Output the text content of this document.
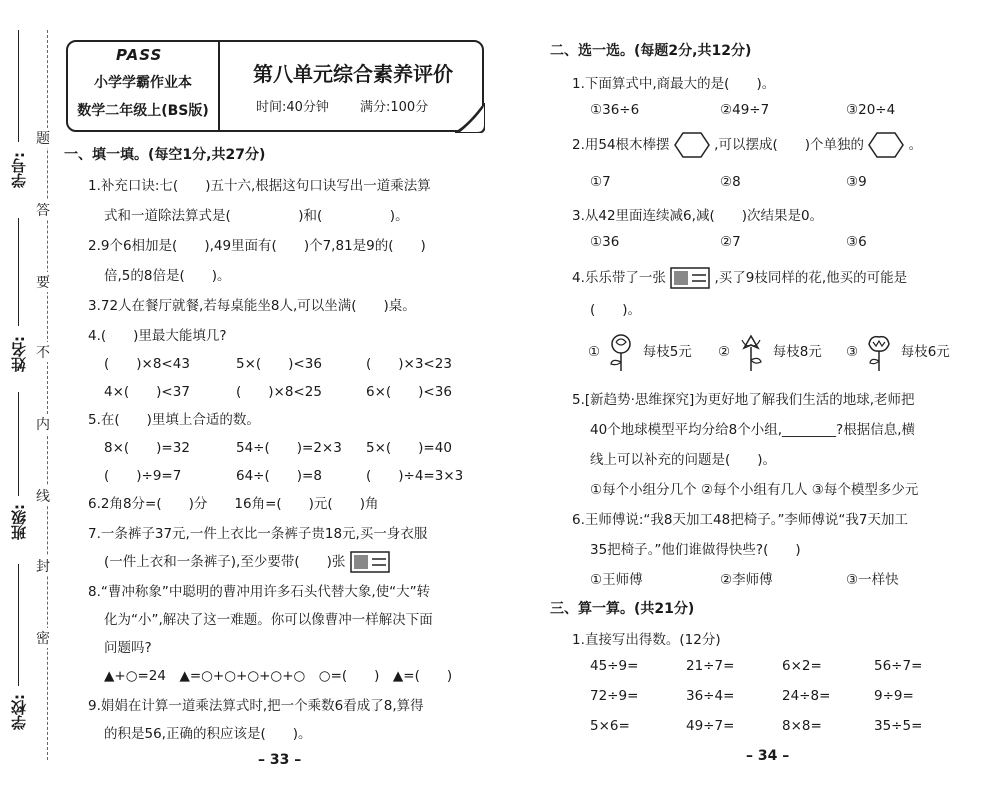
学号:
姓名:
班级:
学校:
题
答
要
不
内
线
封
密
PASS
小学学霸作业本
数学二年级上(BS版)
第八单元综合素养评价
时间:40分钟 满分:100分
一、填一填。(每空1分,共27分)
1.补充口诀:七(　　)五十六,根据这句口诀写出一道乘法算
式和一道除法算式是(　　　　　)和(　　　　　)。
2.9个6相加是(　　),49里面有(　　)个7,81是9的(　　)
倍,5的8倍是(　　)。
3.72人在餐厅就餐,若每桌能坐8人,可以坐满(　　)桌。
4.(　　)里最大能填几?
(　　)×8<43	5×(　　)<36	(　　)×3<23
4×(　　)<37	(　　)×8<25	6×(　　)<36
5.在(　　)里填上合适的数。
8×(　　)=32	54÷(　　)=2×3 5×(　　)=40
(　　)÷9=7	64÷(　　)=8	(　　)÷4=3×3
6.2角8分=(　　)分　　16角=(　　)元(　　)角
7.一条裤子37元,一件上衣比一条裤子贵18元,买一身衣服
(一件上衣和一条裤子),至少要带(　　)张
8.“曹冲称象”中聪明的曹冲用许多石头代替大象,使“大”转
化为“小”,解决了这一难题。你可以像曹冲一样解决下面
问题吗?
▲+○=24　▲=○+○+○+○+○　○=(　　)　▲=(　　)
9.娟娟在计算一道乘法算式时,把一个乘数6看成了8,算得
的积是56,正确的积应该是(　　)。
– 33 –
二、选一选。(每题2分,共12分)
1.下面算式中,商最大的是(　　)。
①36÷6	②49÷7	③20÷4
2.用54根木棒摆	,可以摆成(　　)个单独的	。
①7	②8	③9
3.从42里面连续减6,减(　　)次结果是0。
①36	②7	③6
4.乐乐带了一张	,买了9枝同样的花,他买的可能是
(　　)。
①	每枝5元 ②	每枝8元 ③	每枝6元
5.[新趋势·思维探究]为更好地了解我们生活的地球,老师把
40个地球模型平均分给8个小组,________?根据信息,横
线上可以补充的问题是(　　)。
①每个小组分几个 ②每个小组有几人 ③每个模型多少元
6.王师傅说:“我8天加工48把椅子。”李师傅说“我7天加工
35把椅子。”他们谁做得快些?(　　)
①王师傅	②李师傅	③一样快
三、算一算。(共21分)
1.直接写出得数。(12分)
45÷9=	21÷7=	6×2=	56÷7=
72÷9=	36÷4=	24÷8=	9÷9=
5×6=	49÷7=	8×8=	35÷5=
– 34 –
